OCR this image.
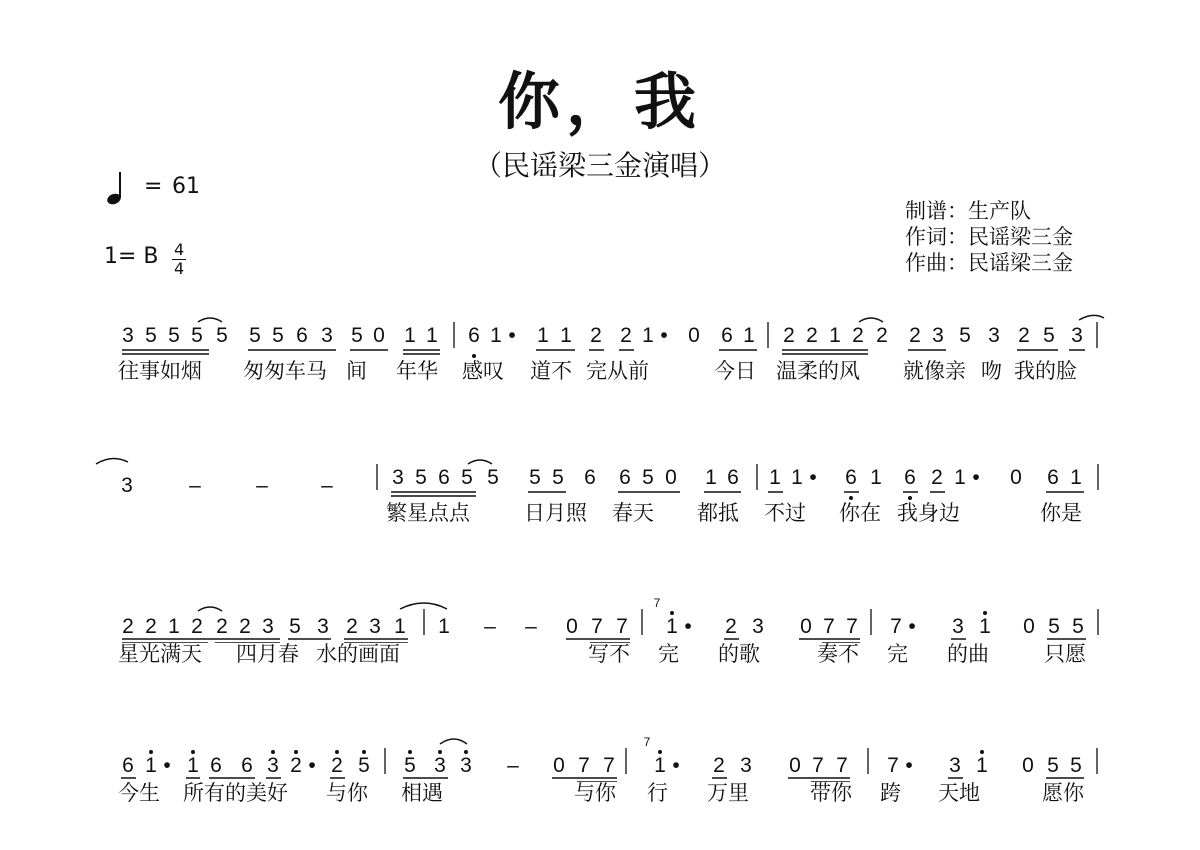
你，我
（民谣梁三金演唱）
= 61
1= B 4
4
制谱：生产队
作词：民谣梁三金
作曲：民谣梁三金
3 5 5 5 5 5 5 6 3 5 0 1 1 6 1 • 1 1 2 2 1 • 0 6 1 2 2 1 2 2 2 3 5 3 2 5 3
往事如烟 匆匆车马 间 年华 感叹 道不 完从前	今日 温柔的风 就像亲 吻 我的脸
3	–	–	–	3 5 6 5 5 5 5 6 6 5 0 1 6 1 1 • 6 1 6 2 1 • 0 6 1
繁星点点	日月照 春天 都抵 不过 你在 我身边	你是
2 2 1 2 2 2 3 5 3 2 3 1 1 – – 0 7 7 1 • 2 3 0 7 7 7 • 3 1 0 5 5
7
星光满天 四月春 水的画面	写不 完 的歌	奏不 完 的曲	只愿
6 1 • 1 6 6 3 2 • 2 5 5 3 3 – 0 7 7 1 • 2 3 0 7 7 7 • 3 1 0 5 5
7
今生 所有的美好 与你 相遇	与你 行 万里	带你 跨 天地	愿你
